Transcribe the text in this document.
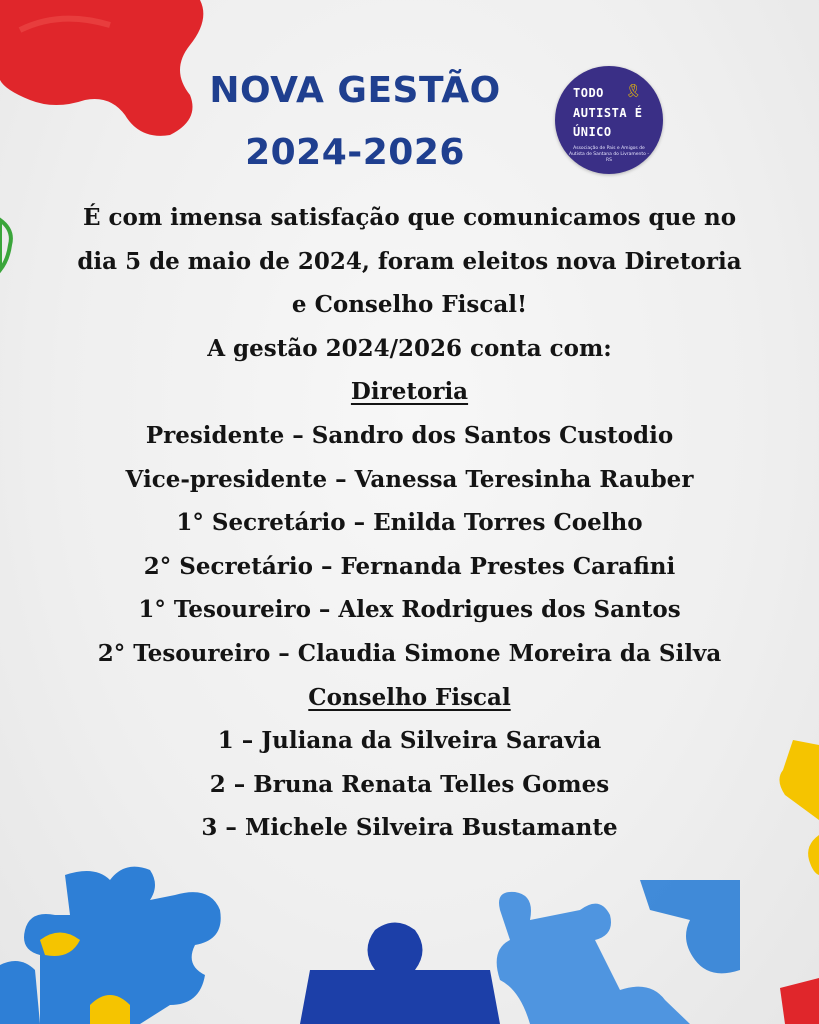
NOVA GESTÃO
2024-2026
🎗
TODO
AUTISTA É
ÚNICO
Associação de Pais e Amigos de Autista de Santana do Livramento - RS
É com imensa satisfação que comunicamos que no
dia 5 de maio de 2024, foram eleitos nova Diretoria
e Conselho Fiscal!
A gestão 2024/2026 conta com:
Diretoria
Presidente – Sandro dos Santos Custodio
Vice-presidente – Vanessa Teresinha Rauber
1° Secretário – Enilda Torres Coelho
2° Secretário – Fernanda Prestes Carafini
1° Tesoureiro – Alex Rodrigues dos Santos
2° Tesoureiro – Claudia Simone Moreira da Silva
Conselho Fiscal
1 – Juliana da Silveira Saravia
2 – Bruna Renata Telles Gomes
3 – Michele Silveira Bustamante
